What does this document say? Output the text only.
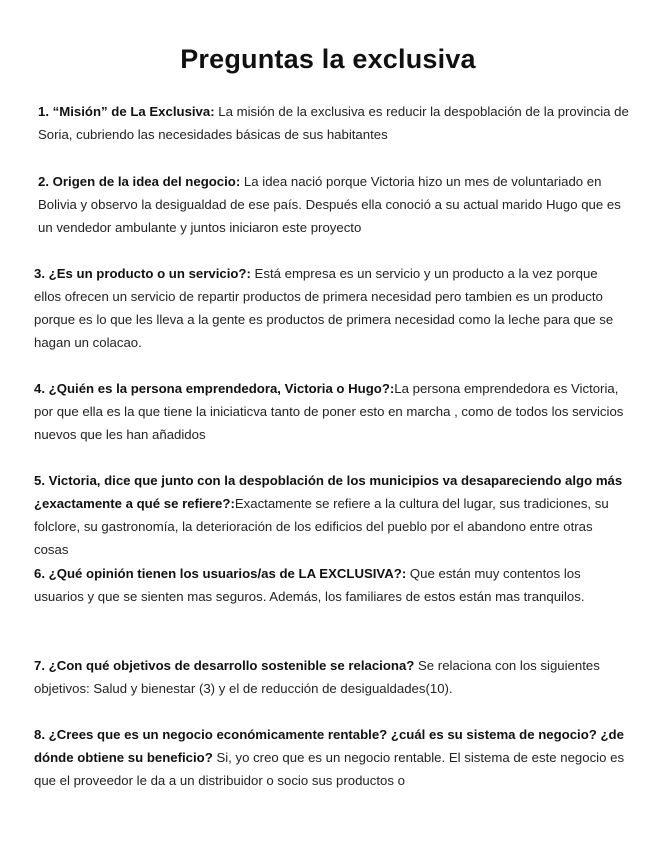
Preguntas la exclusiva
1. “Misión” de La Exclusiva: La misión de la exclusiva es reducir la despoblación de la provincia de Soria, cubriendo las necesidades básicas de sus habitantes
2. Origen de la idea del negocio: La idea nació porque Victoria hizo un mes de voluntariado en Bolivia y observo la desigualdad de ese país. Después ella conoció a su actual marido Hugo que es un vendedor ambulante y juntos iniciaron este proyecto
3. ¿Es un producto o un servicio?: Está empresa es un servicio y un producto a la vez porque ellos ofrecen un servicio de repartir productos de primera necesidad pero tambien es un producto porque es lo que les lleva a la gente es productos de primera necesidad como la leche para que se hagan un colacao.
4. ¿Quién es la persona emprendedora, Victoria o Hugo?:La persona emprendedora es Victoria, por que ella es la que tiene la iniciaticva tanto de poner esto en marcha , como de todos los servicios nuevos que les han añadidos
5. Victoria, dice que junto con la despoblación de los municipios va desapareciendo algo más ¿exactamente a qué se refiere?:Exactamente se refiere a la cultura del lugar, sus tradiciones, su folclore, su gastronomía, la deterioración de los edificios del pueblo por el abandono entre otras cosas
6. ¿Qué opinión tienen los usuarios/as de LA EXCLUSIVA?: Que están muy contentos los usuarios y que se sienten mas seguros. Además, los familiares de estos están mas tranquilos.
7. ¿Con qué objetivos de desarrollo sostenible se relaciona? Se relaciona con los siguientes objetivos: Salud y bienestar (3) y el de reducción de desigualdades(10).
8. ¿Crees que es un negocio económicamente rentable? ¿cuál es su sistema de negocio? ¿de dónde obtiene su beneficio? Si, yo creo que es un negocio rentable. El sistema de este negocio es que el proveedor le da a un distribuidor o socio sus productos o
